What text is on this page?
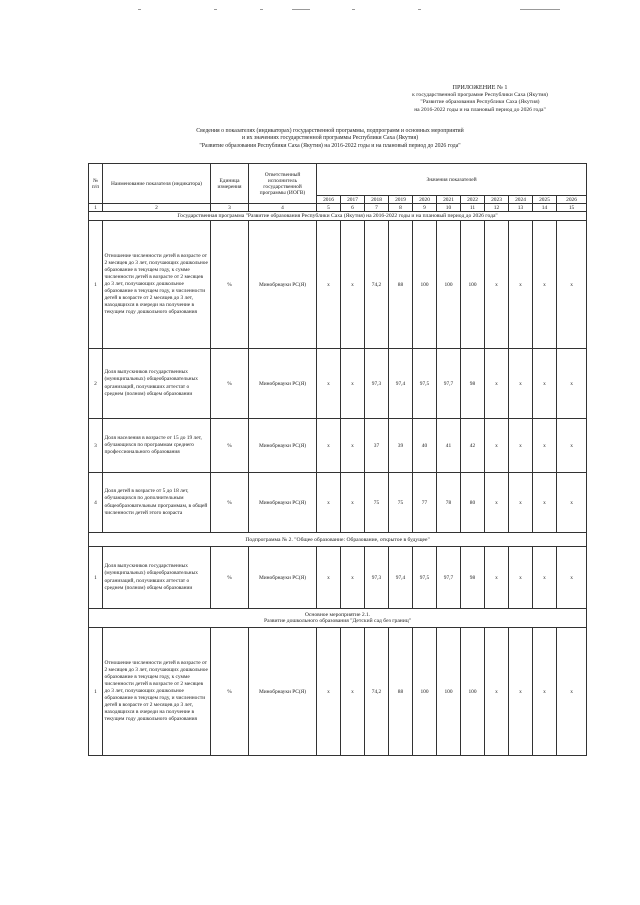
ПРИЛОЖЕНИЕ № 1
к государственной программе Республики Саха (Якутия)
"Развитие образования Республики Саха (Якутия)
на 2016-2022 годы и на плановый период до 2026 года"
Сведения о показателях (индикаторах) государственной программы, подпрограмм и основных мероприятий
и их значениях государственной программы Республики Саха (Якутия)
"Развитие образования Республики Саха (Якутия) на 2016-2022 годы и на плановый период до 2026 года"
№ п/п	Наименование показателя (индикатора)	Единица измерения	Ответственный исполнитель государственной программы (ИОГВ)	Значения показателей										
				2016	2017	2018	2019	2020	2021	2022	2023	2024	2025	2026
1	2	3	4	5	6	7	8	9	10	11	12	13	14	15

Государственная программа "Развитие образования Республики Саха (Якутия) на 2016-2022 годы и на плановый период до 2026 года"														

1	Отношение численности детей в возрасте от 2 месяцев до 3 лет, получающих дошкольное образование в текущем году, к сумме численности детей в возрасте от 2 месяцев до 3 лет, получающих дошкольное образование в текущем году, и численности детей в возрасте от 2 месяцев до 3 лет, находящихся в очереди на получение в текущем году дошкольного образования	%	Минобрнауки РС(Я)	х	х	74,2	88	100	100	100	х	х	х	х
2	Доля выпускников государственных (муниципальных) общеобразовательных организаций, получивших аттестат о среднем (полном) общем образовании	%	Минобрнауки РС(Я)	х	х	97,3	97,4	97,5	97,7	98	х	х	х	х
3	Доля населения в возрасте от 15 до 19 лет, обучающихся по программам среднего профессионального образования	%	Минобрнауки РС(Я)	х	х	37	39	40	41	42	х	х	х	х
4	Доля детей в возрасте от 5 до 18 лет, обучающихся по дополнительным общеобразовательным программам, в общей численности детей этого возраста	%	Минобрнауки РС(Я)	х	х	75	75	77	78	80	х	х	х	х

Подпрограмма № 2. "Общее образование: Образование, открытое в будущее"														

1	Доля выпускников государственных (муниципальных) общеобразовательных организаций, получивших аттестат о среднем (полном) общем образовании	%	Минобрнауки РС(Я)	х	х	97,3	97,4	97,5	97,7	98	х	х	х	х

Основное мероприятие 2.1.
Развитие дошкольного образования "Детский сад без границ"														

1	Отношение численности детей в возрасте от 2 месяцев до 3 лет, получающих дошкольное образование в текущем году, к сумме численности детей в возрасте от 2 месяцев до 3 лет, получающих дошкольное образование в текущем году, и численности детей в возрасте от 2 месяцев до 3 лет, находящихся в очереди на получение в текущем году дошкольного образования	%	Минобрнауки РС(Я)	х	х	74,2	88	100	100	100	х	х	х	х
